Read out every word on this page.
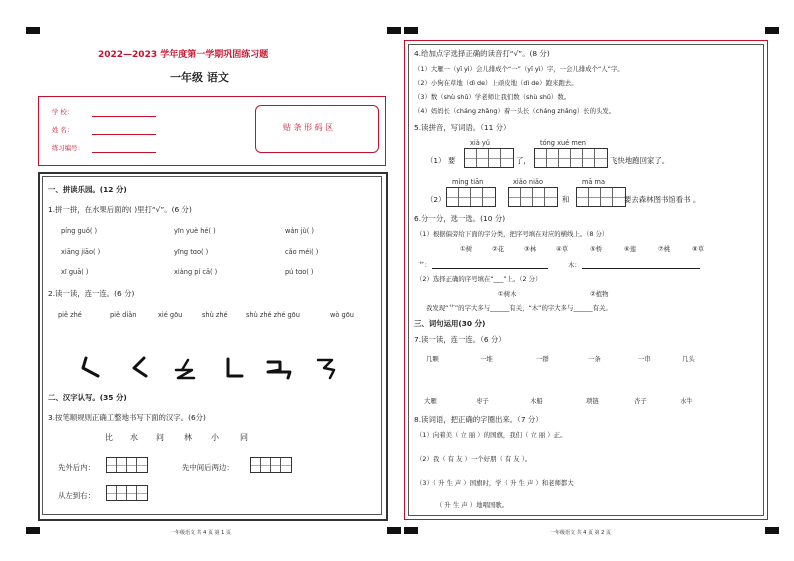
2022—2023 学年度第一学期巩固练习题
一年级 语文
学 校：
姓 名：
练习编号：
贴 条 形 码 区
一、拼读乐园。(12 分)
1.拼一拼，在水果后面的( )里打“√”。(6 分)
píng guǒ( )	yīn yuè hé( )	wán jù( )
xiāng jiāo( )	yīng tɑo( )	cǎo méi( )
xī guā( )	xiàng pí cā( )	pú tɑo( )
2.读一读，连一连。(6 分)
piě zhé	piě diǎn	xié gōu	shù zhé	shù zhé zhé gōu	wò gōu
二、汉字认写。(35 分)
3.按笔顺规则正确工整地书写下面的汉字。(6分)
比 水 问	林 小	同
先外后内：	先中间后两边：
从左到右：
一年级语文 共 4 页 第 1 页
4.给加点字选择正确的读音打“√”。(8 分)
（1）大雁一（yī yì）会儿排成个“一”（yī yì）字，一会儿排成个“人”字。
（2）小狗在草地（dì de）上顽皮地（dì de）跑来跑去。
（3）数（shù shǔ）学老师让我们数（shù shǔ）数。
（4）妈妈长（cháng zhǎng）着一头长（cháng zhǎng）长的头发。
5.读拼音，写词语。（11 分）
xià yǔ	tóng xué men
（1） 要	了，	飞快地跑回家了。
míng tiān	xiǎo niǎo	mā ma
（2）	和	要去森林图书馆看书 。
6.分一分，选一选。(10 分)
（1）根据偏旁给下面的字分类，把序号填在对应的横线上。（8 分）
①树	②花	③林	④草	⑤桥	⑥莲	⑦桃	⑧草
艹：	木：
（2）选择正确的序号填在“___”上。（2 分）
①树木	②植物
我发现“艹”的字大多与______有关，“木”的字大多与______有关。
三、词句运用(30 分)
7.读一读，连一连。（6 分）
几颗	一堆	一群	一条	一串	几头
大雁	枣子	木船	项链	杏子	水牛
8.读词语，把正确的字圈出来。（7 分）
（1）向着美（ 立 丽 ）的国旗，我们（ 立 丽 ）正。
（2）我（ 有 友 ）一个好朋（ 有 友 ）。
（3）（ 升 生 声 ）国旗时，学（ 升 生 声 ）和老师都大
（ 升 生 声 ）地唱国歌。
一年级语文 共 4 页 第 2 页
